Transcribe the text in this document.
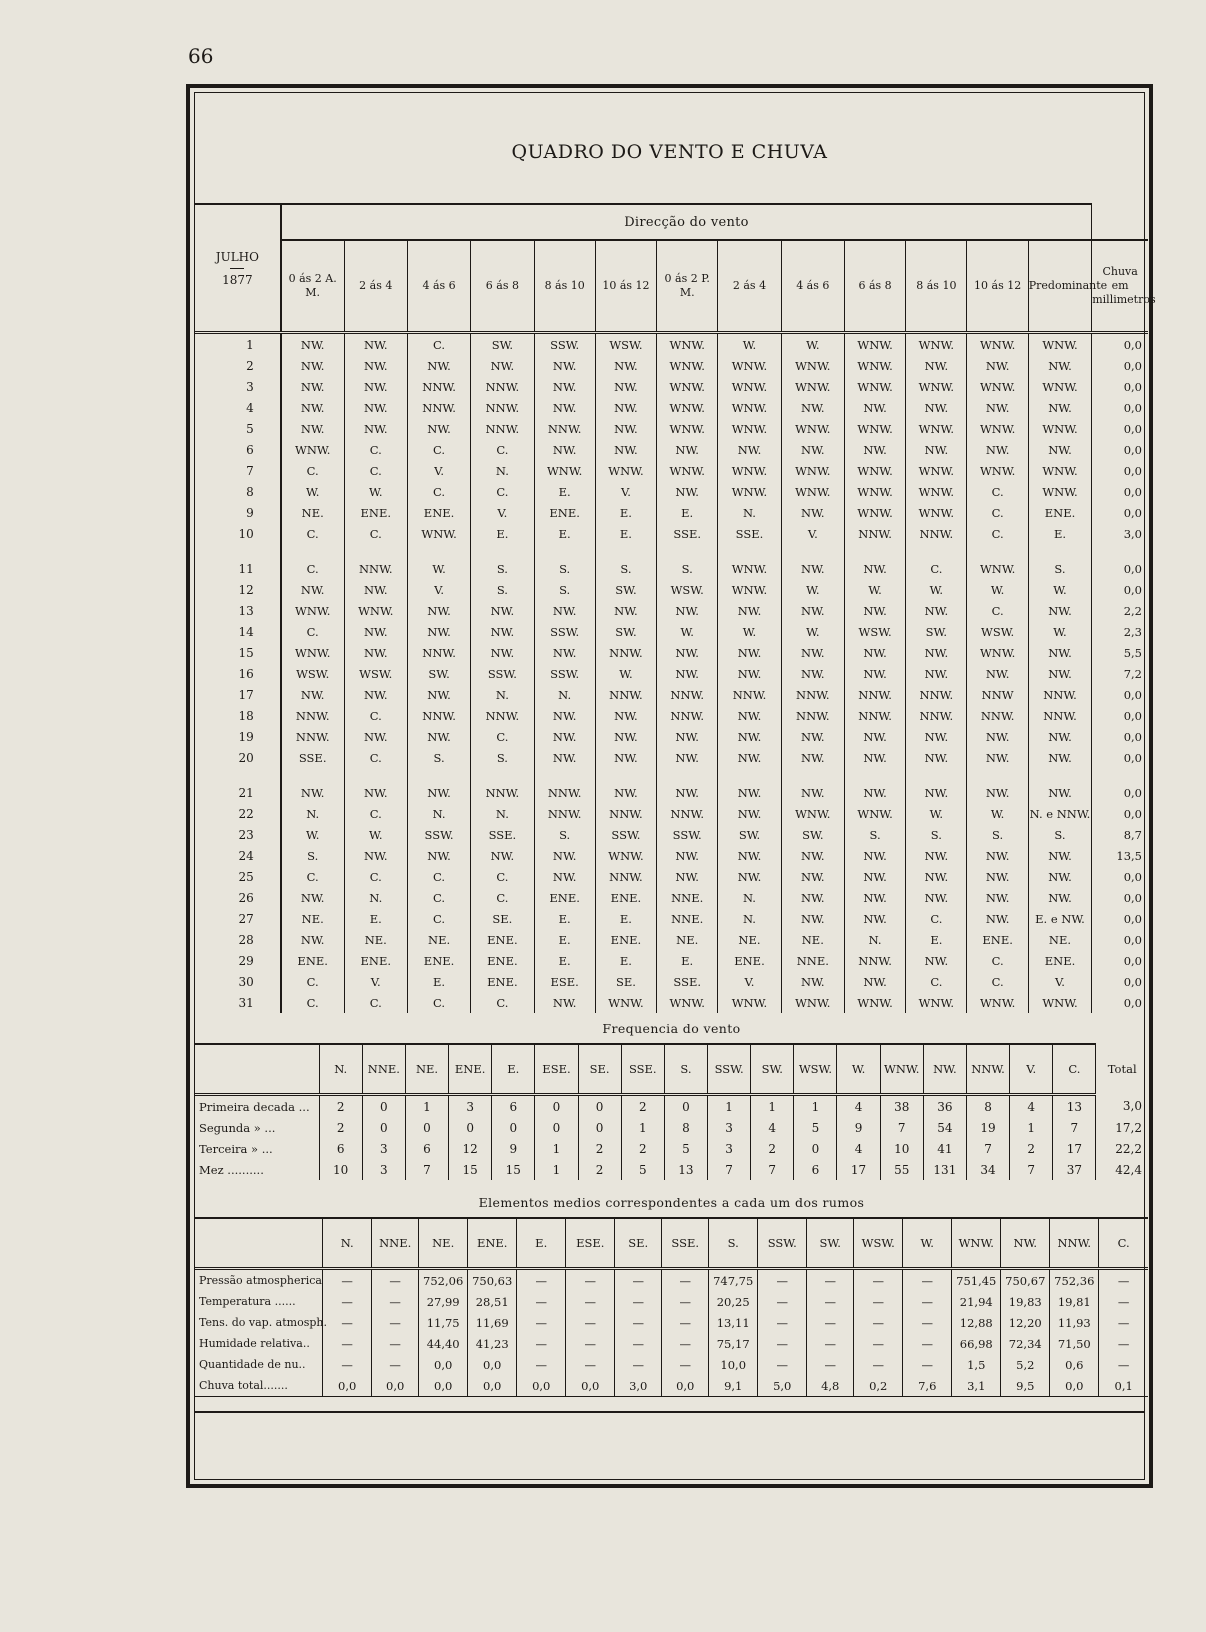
66
QUADRO DO VENTO E CHUVA
JULHO
1877	Direcção do vento													
	0 ás 2 A. M.	2 ás 4	4 ás 6	6 ás 8	8 ás 10	10 ás 12	0 ás 2 P. M.	2 ás 4	4 ás 6	6 ás 8	8 ás 10	10 ás 12	Predominante	Chuva em millimetros
1	NW.	NW.	C.	SW.	SSW.	WSW.	WNW.	W.	W.	WNW.	WNW.	WNW.	WNW.	0,0
2	NW.	NW.	NW.	NW.	NW.	NW.	WNW.	WNW.	WNW.	WNW.	NW.	NW.	NW.	0,0
3	NW.	NW.	NNW.	NNW.	NW.	NW.	WNW.	WNW.	WNW.	WNW.	WNW.	WNW.	WNW.	0,0
4	NW.	NW.	NNW.	NNW.	NW.	NW.	WNW.	WNW.	NW.	NW.	NW.	NW.	NW.	0,0
5	NW.	NW.	NW.	NNW.	NNW.	NW.	WNW.	WNW.	WNW.	WNW.	WNW.	WNW.	WNW.	0,0
6	WNW.	C.	C.	C.	NW.	NW.	NW.	NW.	NW.	NW.	NW.	NW.	NW.	0,0
7	C.	C.	V.	N.	WNW.	WNW.	WNW.	WNW.	WNW.	WNW.	WNW.	WNW.	WNW.	0,0
8	W.	W.	C.	C.	E.	V.	NW.	WNW.	WNW.	WNW.	WNW.	C.	WNW.	0,0
9	NE.	ENE.	ENE.	V.	ENE.	E.	E.	N.	NW.	WNW.	WNW.	C.	ENE.	0,0
10	C.	C.	WNW.	E.	E.	E.	SSE.	SSE.	V.	NNW.	NNW.	C.	E.	3,0

11	C.	NNW.	W.	S.	S.	S.	S.	WNW.	NW.	NW.	C.	WNW.	S.	0,0
12	NW.	NW.	V.	S.	S.	SW.	WSW.	WNW.	W.	W.	W.	W.	W.	0,0
13	WNW.	WNW.	NW.	NW.	NW.	NW.	NW.	NW.	NW.	NW.	NW.	C.	NW.	2,2
14	C.	NW.	NW.	NW.	SSW.	SW.	W.	W.	W.	WSW.	SW.	WSW.	W.	2,3
15	WNW.	NW.	NNW.	NW.	NW.	NNW.	NW.	NW.	NW.	NW.	NW.	WNW.	NW.	5,5
16	WSW.	WSW.	SW.	SSW.	SSW.	W.	NW.	NW.	NW.	NW.	NW.	NW.	NW.	7,2
17	NW.	NW.	NW.	N.	N.	NNW.	NNW.	NNW.	NNW.	NNW.	NNW.	NNW	NNW.	0,0
18	NNW.	C.	NNW.	NNW.	NW.	NW.	NNW.	NW.	NNW.	NNW.	NNW.	NNW.	NNW.	0,0
19	NNW.	NW.	NW.	C.	NW.	NW.	NW.	NW.	NW.	NW.	NW.	NW.	NW.	0,0
20	SSE.	C.	S.	S.	NW.	NW.	NW.	NW.	NW.	NW.	NW.	NW.	NW.	0,0

21	NW.	NW.	NW.	NNW.	NNW.	NW.	NW.	NW.	NW.	NW.	NW.	NW.	NW.	0,0
22	N.	C.	N.	N.	NNW.	NNW.	NNW.	NW.	WNW.	WNW.	W.	W.	N. e NNW.	0,0
23	W.	W.	SSW.	SSE.	S.	SSW.	SSW.	SW.	SW.	S.	S.	S.	S.	8,7
24	S.	NW.	NW.	NW.	NW.	WNW.	NW.	NW.	NW.	NW.	NW.	NW.	NW.	13,5
25	C.	C.	C.	C.	NW.	NNW.	NW.	NW.	NW.	NW.	NW.	NW.	NW.	0,0
26	NW.	N.	C.	C.	ENE.	ENE.	NNE.	N.	NW.	NW.	NW.	NW.	NW.	0,0
27	NE.	E.	C.	SE.	E.	E.	NNE.	N.	NW.	NW.	C.	NW.	E. e NW.	0,0
28	NW.	NE.	NE.	ENE.	E.	ENE.	NE.	NE.	NE.	N.	E.	ENE.	NE.	0,0
29	ENE.	ENE.	ENE.	ENE.	E.	E.	E.	ENE.	NNE.	NNW.	NW.	C.	ENE.	0,0
30	C.	V.	E.	ENE.	ESE.	SE.	SSE.	V.	NW.	NW.	C.	C.	V.	0,0
31	C.	C.	C.	C.	NW.	WNW.	WNW.	WNW.	WNW.	WNW.	WNW.	WNW.	WNW.	0,0
Frequencia do vento
	N.	NNE.	NE.	ENE.	E.	ESE.	SE.	SSE.	S.	SSW.	SW.	WSW.	W.	WNW.	NW.	NNW.	V.	C.	Total
Primeira decada ...	2	0	1	3	6	0	0	2	0	1	1	1	4	38	36	8	4	13	3,0
Segunda » ...	2	0	0	0	0	0	0	1	8	3	4	5	9	7	54	19	1	7	17,2
Terceira » ...	6	3	6	12	9	1	2	2	5	3	2	0	4	10	41	7	2	17	22,2
Mez ..........	10	3	7	15	15	1	2	5	13	7	7	6	17	55	131	34	7	37	42,4
Elementos medios correspondentes a cada um dos rumos
	N.	NNE.	NE.	ENE.	E.	ESE.	SE.	SSE.	S.	SSW.	SW.	WSW.	W.	WNW.	NW.	NNW.	C.
Pressão atmospherica	—	—	752,06	750,63	—	—	—	—	747,75	—	—	—	—	751,45	750,67	752,36	—
Temperatura ......	—	—	27,99	28,51	—	—	—	—	20,25	—	—	—	—	21,94	19,83	19,81	—
Tens. do vap. atmosph.	—	—	11,75	11,69	—	—	—	—	13,11	—	—	—	—	12,88	12,20	11,93	—
Humidade relativa..	—	—	44,40	41,23	—	—	—	—	75,17	—	—	—	—	66,98	72,34	71,50	—
Quantidade de nu..	—	—	0,0	0,0	—	—	—	—	10,0	—	—	—	—	1,5	5,2	0,6	—
Chuva total.......	0,0	0,0	0,0	0,0	0,0	0,0	3,0	0,0	9,1	5,0	4,8	0,2	7,6	3,1	9,5	0,0	0,1
